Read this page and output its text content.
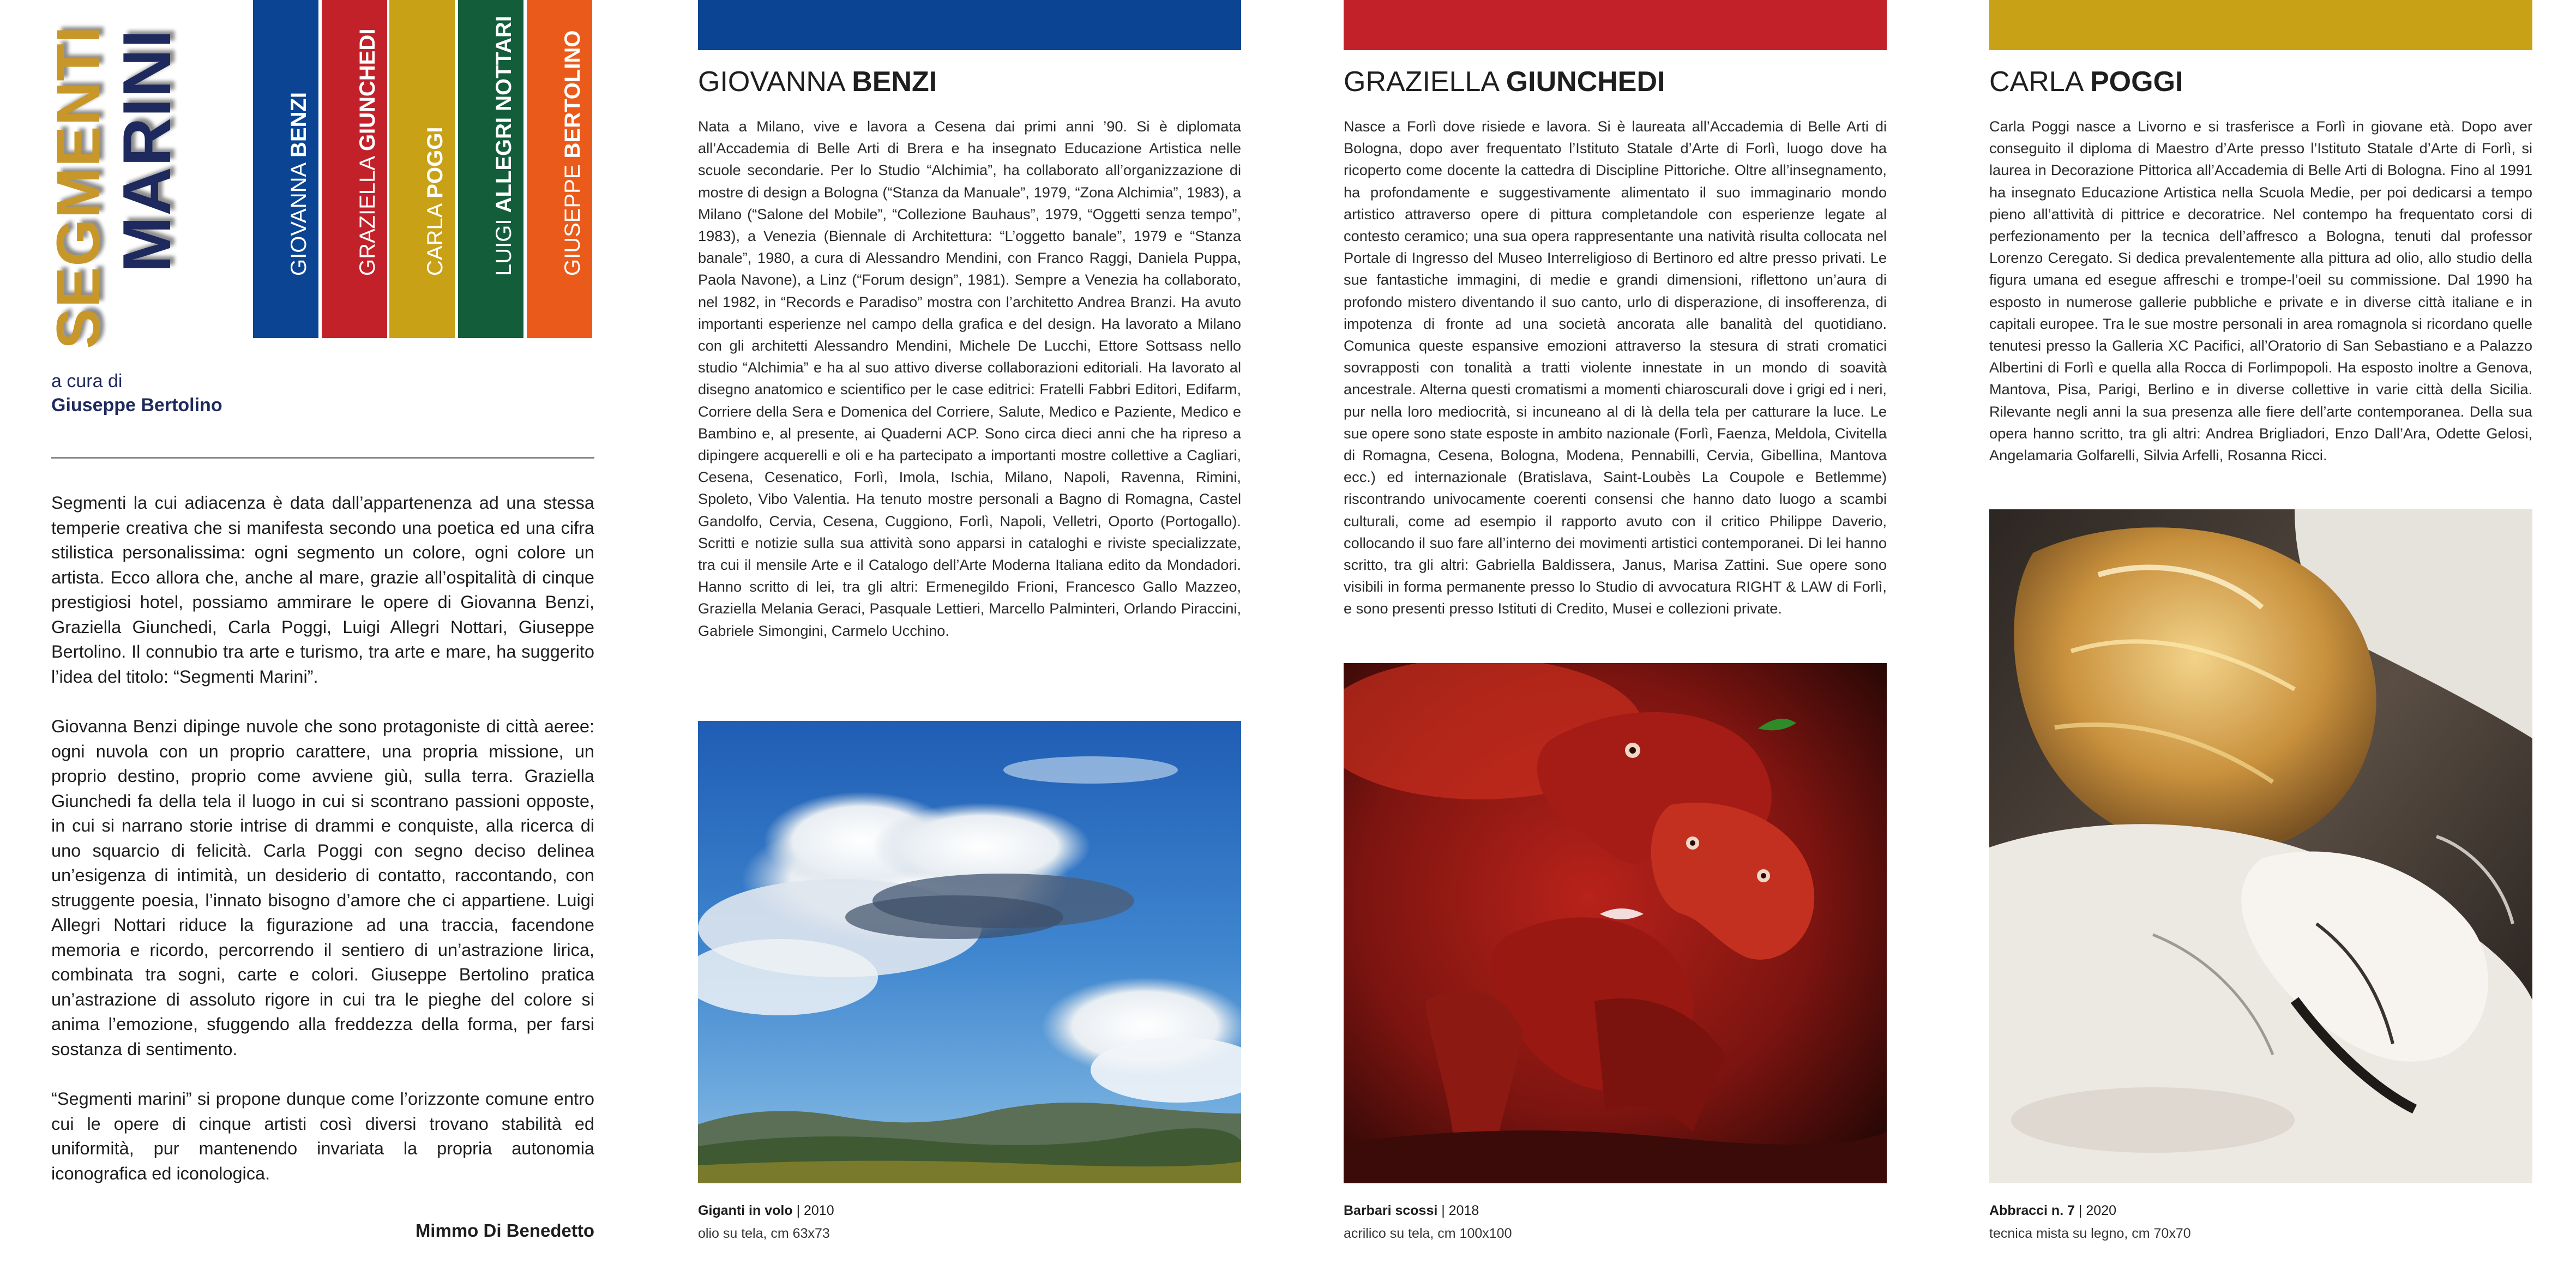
SEGMENTI
MARINI	GIOVANNA BENZI
GRAZIELLA GIUNCHEDI
CARLA POGGI
LUIGI ALLEGRI NOTTARI
GIUSEPPE BERTOLINO
a cura di
Giuseppe Bertolino

Segmenti la cui adiacenza è data dall’appartenenza ad una stessa temperie creativa che si manifesta secondo una poetica ed una cifra stilistica personalissima: ogni segmento un colore, ogni colore un artista. Ecco allora che, anche al mare, grazie all’ospitalità di cinque prestigiosi hotel, possiamo ammirare le opere di Giovanna Benzi, Graziella Giunchedi, Carla Poggi, Luigi Allegri Nottari, Giuseppe Bertolino. Il connubio tra arte e turismo, tra arte e mare, ha suggerito l’idea del titolo: “Segmenti Marini”.

Giovanna Benzi dipinge nuvole che sono protagoniste di città aeree: ogni nuvola con un proprio carattere, una propria missione, un proprio destino, proprio come avviene giù, sulla terra. Graziella Giunchedi fa della tela il luogo in cui si scontrano passioni opposte, in cui si narrano storie intrise di drammi e conquiste, alla ricerca di uno squarcio di felicità. Carla Poggi con segno deciso delinea un’esigenza di intimità, un desiderio di contatto, raccontando, con struggente poesia, l’innato bisogno d’amore che ci appartiene. Luigi Allegri Nottari riduce la figurazione ad una traccia, facendone memoria e ricordo, percorrendo il sentiero di un’astrazione lirica, combinata tra sogni, carte e colori. Giuseppe Bertolino pratica un’astrazione di assoluto rigore in cui tra le pieghe del colore si anima l’emozione, sfuggendo alla freddezza della forma, per farsi sostanza di sentimento.

“Segmenti marini” si propone dunque come l’orizzonte comune entro cui le opere di cinque artisti così diversi trovano stabilità ed uniformità, pur mantenendo invariata la propria autonomia iconografica ed iconologica.

Mimmo Di Benedetto
GIOVANNA BENZI
Nata a Milano, vive e lavora a Cesena dai primi anni ’90. Si è diplomata all’Accademia di Belle Arti di Brera e ha insegnato Educazione Artistica nelle scuole secondarie. Per lo Studio “Alchimia”, ha collaborato all’organizzazione di mostre di design a Bologna (“Stanza da Manuale”, 1979, “Zona Alchimia”, 1983), a Milano (“Salone del Mobile”, “Collezione Bauhaus”, 1979, “Oggetti senza tempo”, 1983), a Venezia (Biennale di Architettura: “L’oggetto banale”, 1979 e “Stanza banale”, 1980, a cura di Alessandro Mendini, con Franco Raggi, Daniela Puppa, Paola Navone), a Linz (“Forum design”, 1981). Sempre a Venezia ha collaborato, nel 1982, in “Records e Paradiso” mostra con l’architetto Andrea Branzi. Ha avuto importanti esperienze nel campo della grafica e del design. Ha lavorato a Milano con gli architetti Alessandro Mendini, Michele De Lucchi, Ettore Sottsass nello studio “Alchimia” e ha al suo attivo diverse collaborazioni editoriali. Ha lavorato al disegno anatomico e scientifico per le case editrici: Fratelli Fabbri Editori, Edifarm, Corriere della Sera e Domenica del Corriere, Salute, Medico e Paziente, Medico e Bambino e, al presente, ai Quaderni ACP. Sono circa dieci anni che ha ripreso a dipingere acquerelli e oli e ha partecipato a importanti mostre collettive a Cagliari, Cesena, Cesenatico, Forlì, Imola, Ischia, Milano, Napoli, Ravenna, Rimini, Spoleto, Vibo Valentia. Ha tenuto mostre personali a Bagno di Romagna, Castel Gandolfo, Cervia, Cesena, Cuggiono, Forlì, Napoli, Velletri, Oporto (Portogallo). Scritti e notizie sulla sua attività sono apparsi in cataloghi e riviste specializzate, tra cui il mensile Arte e il Catalogo dell’Arte Moderna Italiana edito da Mondadori. Hanno scritto di lei, tra gli altri: Ermenegildo Frioni, Francesco Gallo Mazzeo, Graziella Melania Geraci, Pasquale Lettieri, Marcello Palminteri, Orlando Piraccini, Gabriele Simongini, Carmelo Ucchino.
Giganti in volo | 2010
olio su tela, cm 63x73
GRAZIELLA GIUNCHEDI
Nasce a Forlì dove risiede e lavora. Si è laureata all’Accademia di Belle Arti di Bologna, dopo aver frequentato l’Istituto Statale d’Arte di Forlì, luogo dove ha ricoperto come docente la cattedra di Discipline Pittoriche. Oltre all’insegnamento, ha profondamente e suggestivamente alimentato il suo immaginario mondo artistico attraverso opere di pittura completandole con esperienze legate al contesto ceramico; una sua opera rappresentante una natività risulta collocata nel Portale di Ingresso del Museo Interreligioso di Bertinoro ed altre presso privati. Le sue fantastiche immagini, di medie e grandi dimensioni, riflettono un’aura di profondo mistero diventando il suo canto, urlo di disperazione, di insofferenza, di impotenza di fronte ad una società ancorata alle banalità del quotidiano. Comunica queste espansive emozioni attraverso la stesura di strati cromatici sovrapposti con tonalità a tratti violente innestate in un mondo di soavità ancestrale. Alterna questi cromatismi a momenti chiaroscurali dove i grigi ed i neri, pur nella loro mediocrità, si incuneano al di là della tela per catturare la luce. Le sue opere sono state esposte in ambito nazionale (Forlì, Faenza, Meldola, Civitella di Romagna, Cesena, Bologna, Modena, Pennabilli, Cervia, Gibellina, Mantova ecc.) ed internazionale (Bratislava, Saint-Loubès La Coupole e Betlemme) riscontrando univocamente coerenti consensi che hanno dato luogo a scambi culturali, come ad esempio il rapporto avuto con il critico Philippe Daverio, collocando il suo fare all’interno dei movimenti artistici contemporanei. Di lei hanno scritto, tra gli altri: Gabriella Baldissera, Janus, Marisa Zattini. Sue opere sono visibili in forma permanente presso lo Studio di avvocatura RIGHT & LAW di Forlì, e sono presenti presso Istituti di Credito, Musei e collezioni private.
Barbari scossi | 2018
acrilico su tela, cm 100x100
CARLA POGGI
Carla Poggi nasce a Livorno e si trasferisce a Forlì in giovane età. Dopo aver conseguito il diploma di Maestro d’Arte presso l’Istituto Statale d’Arte di Forlì, si laurea in Decorazione Pittorica all’Accademia di Belle Arti di Bologna. Fino al 1991 ha insegnato Educazione Artistica nella Scuola Medie, per poi dedicarsi a tempo pieno all’attività di pittrice e decoratrice. Nel contempo ha frequentato corsi di perfezionamento per la tecnica dell’affresco a Bologna, tenuti dal professor Lorenzo Ceregato. Si dedica prevalentemente alla pittura ad olio, allo studio della figura umana ed esegue affreschi e trompe-l’oeil su commissione. Dal 1990 ha esposto in numerose gallerie pubbliche e private e in diverse città italiane e in capitali europee. Tra le sue mostre personali in area romagnola si ricordano quelle tenutesi presso la Galleria XC Pacifici, all’Oratorio di San Sebastiano e a Palazzo Albertini di Forlì e quella alla Rocca di Forlimpopoli. Ha esposto inoltre a Genova, Mantova, Pisa, Parigi, Berlino e in diverse collettive in varie città della Sicilia. Rilevante negli anni la sua presenza alle fiere dell’arte contemporanea. Della sua opera hanno scritto, tra gli altri: Andrea Brigliadori, Enzo Dall’Ara, Odette Gelosi, Angelamaria Golfarelli, Silvia Arfelli, Rosanna Ricci.
Abbracci n. 7 | 2020
tecnica mista su legno, cm 70x70
